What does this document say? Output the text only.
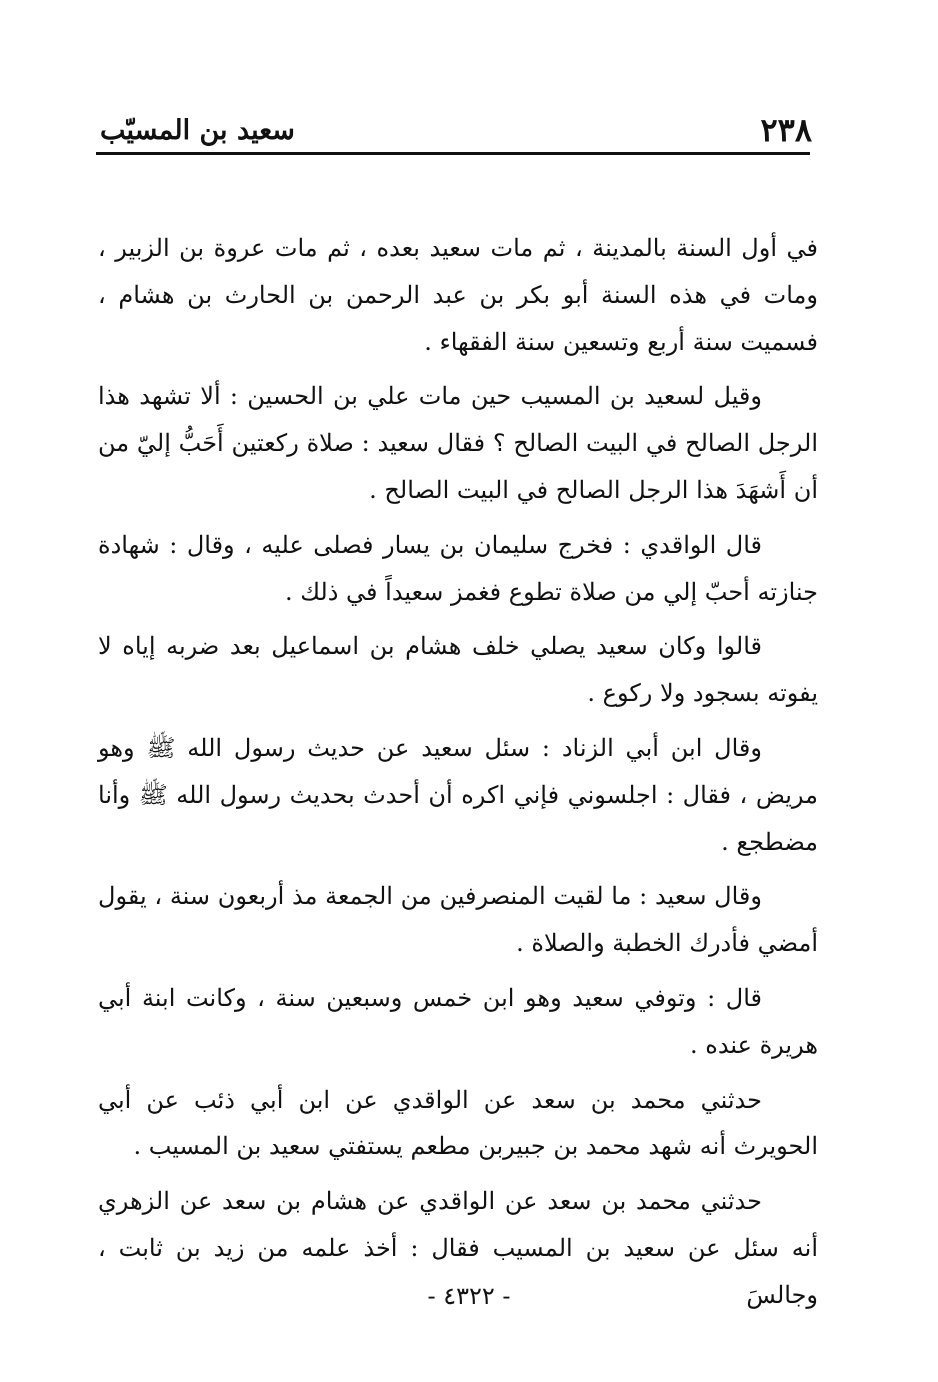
٢٣٨
سعيد بن المسيّب

في أول السنة بالمدينة ، ثم مات سعيد بعده ، ثم مات عروة بن الزبير ، ومات في هذه السنة أبو بكر بن عبد الرحمن بن الحارث بن هشام ، فسميت سنة أربع وتسعين سنة الفقهاء .

وقيل لسعيد بن المسيب حين مات علي بن الحسين : ألا تشهد هذا الرجل الصالح في البيت الصالح ؟ فقال سعيد : صلاة ركعتين أَحَبُّ إليّ من أن أَشهَدَ هذا الرجل الصالح في البيت الصالح .

قال الواقدي : فخرج سليمان بن يسار فصلى عليه ، وقال : شهادة جنازته أحبّ إلي من صلاة تطوع فغمز سعيداً في ذلك .

قالوا وكان سعيد يصلي خلف هشام بن اسماعيل بعد ضربه إياه لا يفوته بسجود ولا ركوع .

وقال ابن أبي الزناد : سئل سعيد عن حديث رسول الله ﷺ وهو مريض ، فقال : اجلسوني فإني اكره أن أحدث بحديث رسول الله ﷺ وأنا مضطجع .

وقال سعيد : ما لقيت المنصرفين من الجمعة مذ أربعون سنة ، يقول أمضي فأدرك الخطبة والصلاة .

قال : وتوفي سعيد وهو ابن خمس وسبعين سنة ، وكانت ابنة أبي هريرة عنده .

حدثني محمد بن سعد عن الواقدي عن ابن أبي ذئب عن أبي الحويرث أنه شهد محمد بن جبيربن مطعم يستفتي سعيد بن المسيب .

حدثني محمد بن سعد عن الواقدي عن هشام بن سعد عن الزهري أنه سئل عن سعيد بن المسيب فقال : أخذ علمه من زيد بن ثابت ، وجالسَ

- ٤٣٢٢ -
